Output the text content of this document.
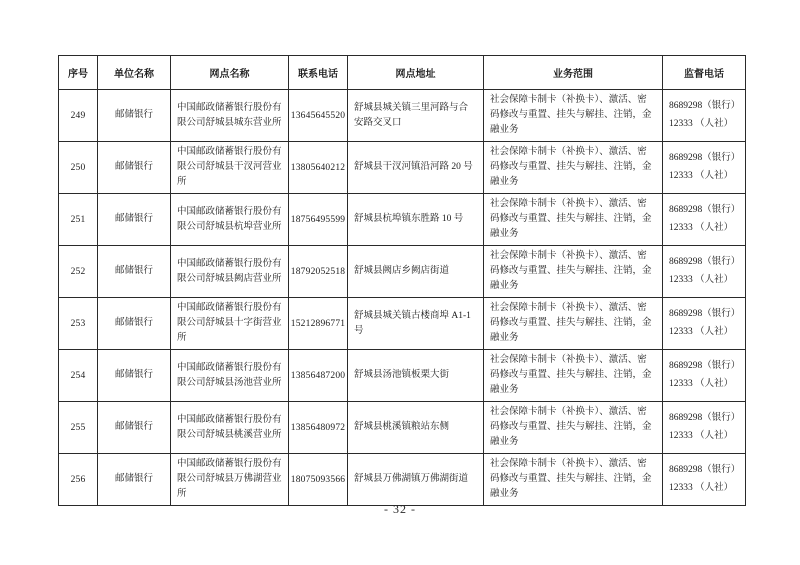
序号	单位名称	网点名称	联系电话	网点地址	业务范围	监督电话
249	邮储银行	中国邮政储蓄银行股份有限公司舒城县城东营业所	13645645520	舒城县城关镇三里河路与合安路交叉口	社会保障卡制卡（补换卡）、激活、密码修改与重置、挂失与解挂、注销，金融业务	8689298（银行）
12333 （人社）

250	邮储银行	中国邮政储蓄银行股份有限公司舒城县干汊河营业所	13805640212	舒城县干汊河镇沿河路 20 号	社会保障卡制卡（补换卡）、激活、密码修改与重置、挂失与解挂、注销，金融业务	8689298（银行）
12333 （人社）

251	邮储银行	中国邮政储蓄银行股份有限公司舒城县杭埠营业所	18756495599	舒城县杭埠镇东胜路 10 号	社会保障卡制卡（补换卡）、激活、密码修改与重置、挂失与解挂、注销，金融业务	8689298（银行）
12333 （人社）

252	邮储银行	中国邮政储蓄银行股份有限公司舒城县阙店营业所	18792052518	舒城县阙店乡阙店街道	社会保障卡制卡（补换卡）、激活、密码修改与重置、挂失与解挂、注销，金融业务	8689298（银行）
12333 （人社）

253	邮储银行	中国邮政储蓄银行股份有限公司舒城县十字街营业所	15212896771	舒城县城关镇古楼商埠 A1-1 号	社会保障卡制卡（补换卡）、激活、密码修改与重置、挂失与解挂、注销，金融业务	8689298（银行）
12333 （人社）

254	邮储银行	中国邮政储蓄银行股份有限公司舒城县汤池营业所	13856487200	舒城县汤池镇板栗大街	社会保障卡制卡（补换卡）、激活、密码修改与重置、挂失与解挂、注销，金融业务	8689298（银行）
12333 （人社）

255	邮储银行	中国邮政储蓄银行股份有限公司舒城县桃溪营业所	13856480972	舒城县桃溪镇粮站东侧	社会保障卡制卡（补换卡）、激活、密码修改与重置、挂失与解挂、注销，金融业务	8689298（银行）
12333 （人社）

256	邮储银行	中国邮政储蓄银行股份有限公司舒城县万佛湖营业所	18075093566	舒城县万佛湖镇万佛湖街道	社会保障卡制卡（补换卡）、激活、密码修改与重置、挂失与解挂、注销，金融业务	8689298（银行）
12333 （人社）
- 32 -
